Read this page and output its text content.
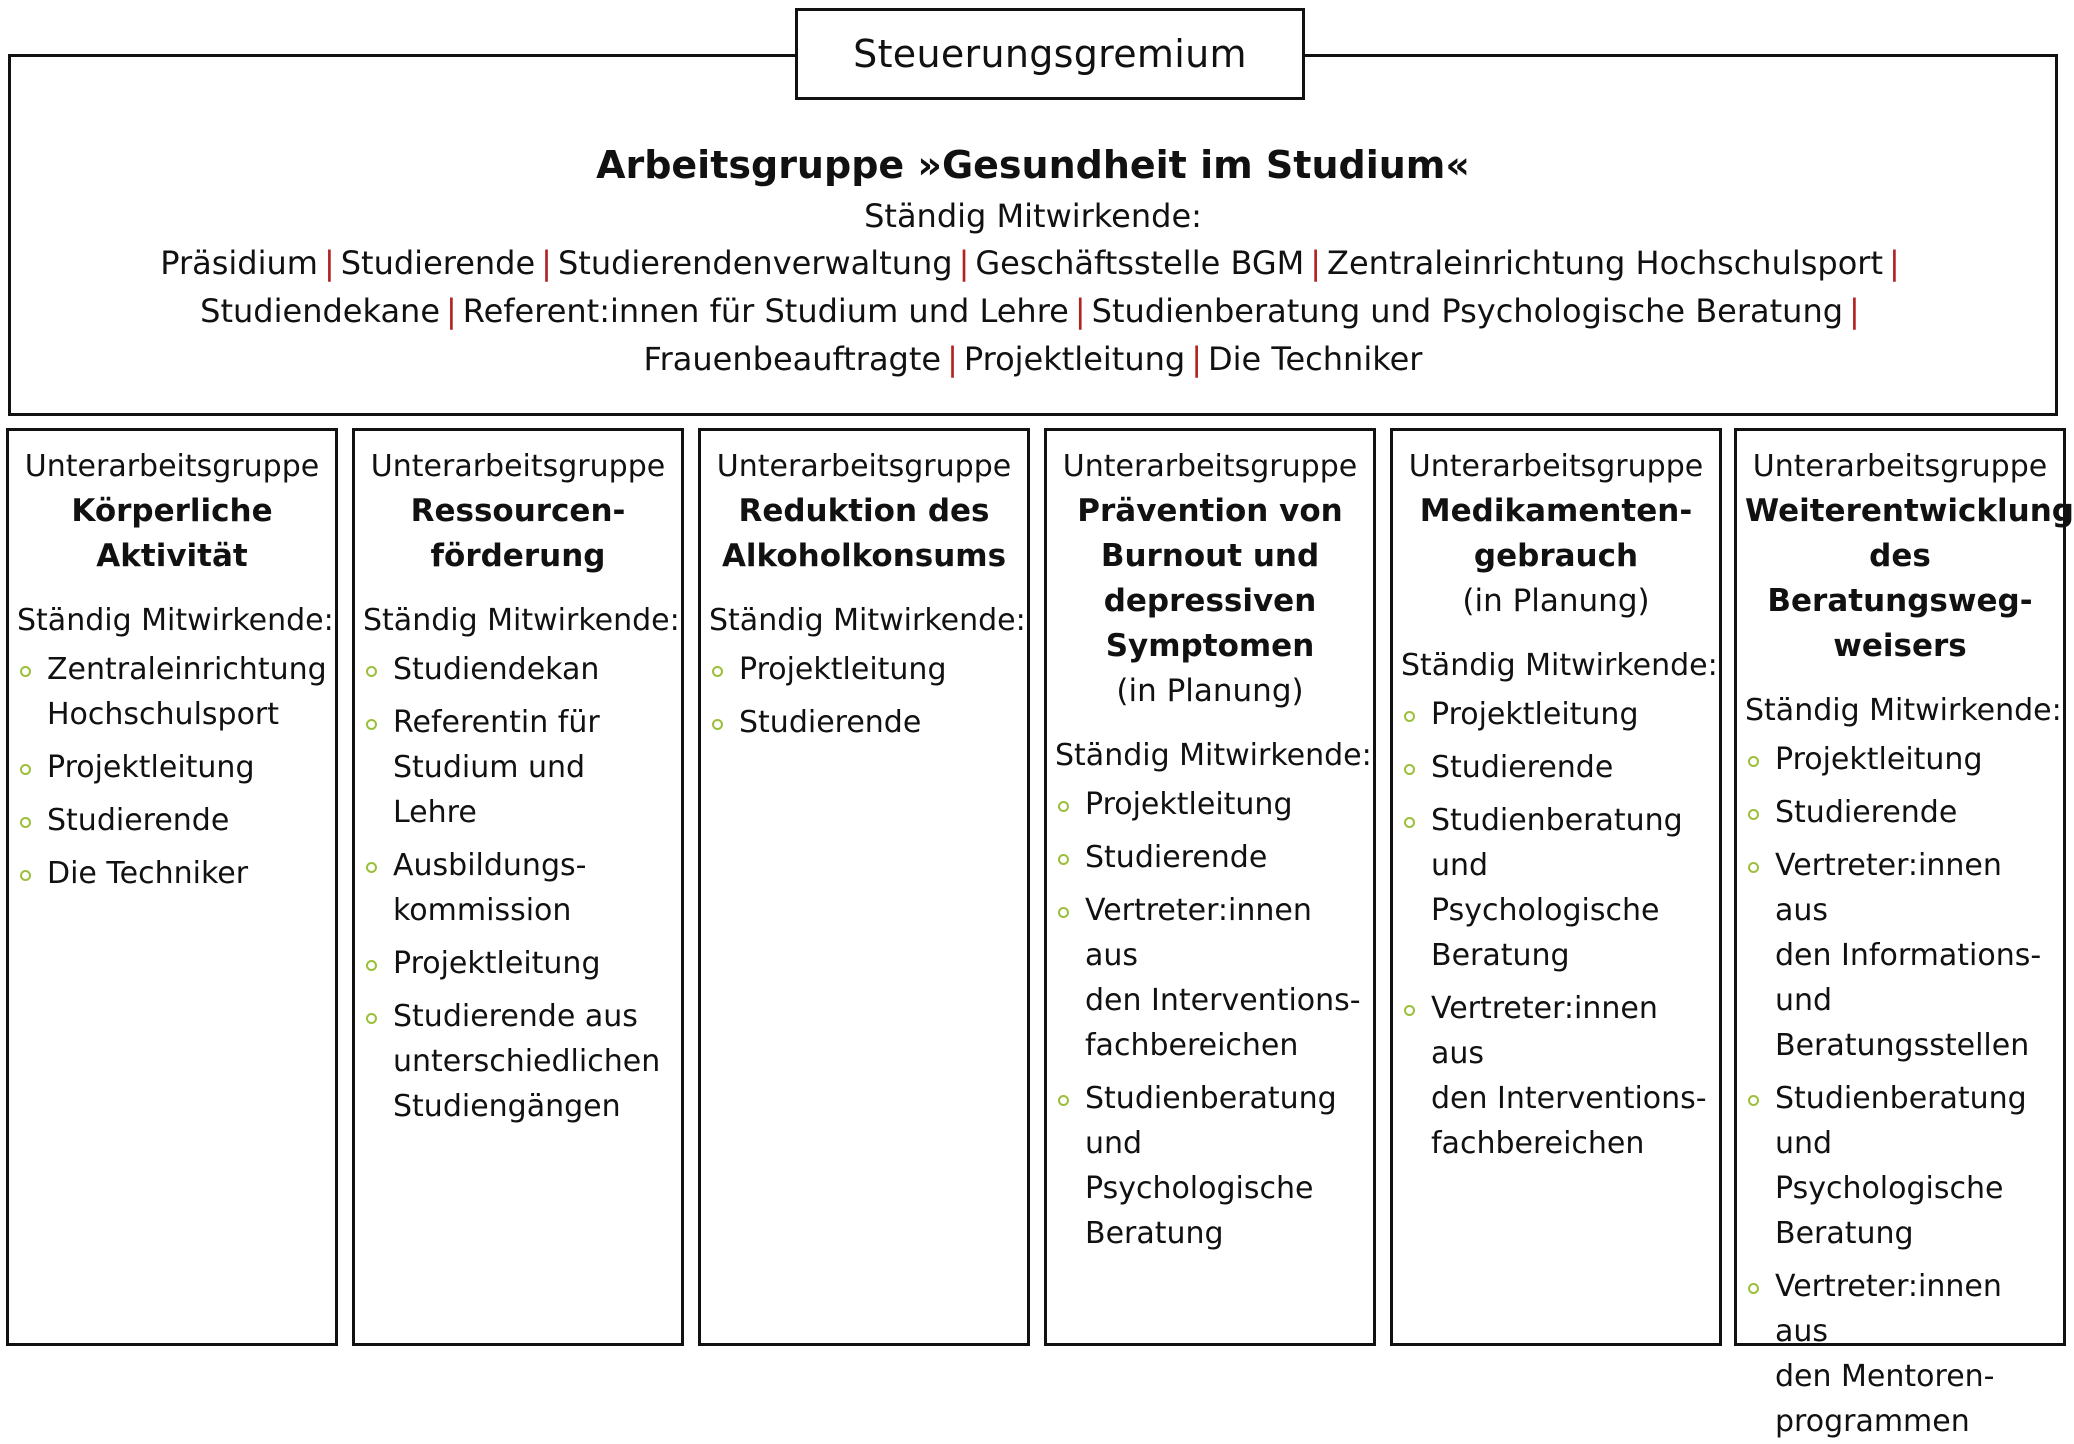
Arbeitsgruppe »Gesundheit im Studium«
Ständig Mitwirkende:
Präsidium | Studierende | Studierendenverwaltung | Geschäftsstelle BGM | Zentraleinrichtung Hochschulsport |
Studiendekane | Referent:innen für Studium und Lehre | Studienberatung und Psychologische Beratung |
Frauenbeauftragte | Projektleitung | Die Techniker
Steuerungsgremium
Unterarbeitsgruppe
Körperliche
Aktivität
Ständig Mitwirkende:
Zentraleinrichtung
Hochschulsport
Projektleitung
Studierende
Die Techniker
Unterarbeitsgruppe
Ressourcen-
förderung
Ständig Mitwirkende:
Studiendekan
Referentin für
Studium und Lehre
Ausbildungs-
kommission
Projektleitung
Studierende aus
unterschiedlichen
Studiengängen
Unterarbeitsgruppe
Reduktion des
Alkoholkonsums
Ständig Mitwirkende:
Projektleitung
Studierende
Unterarbeitsgruppe
Prävention von
Burnout und
depressiven
Symptomen
(in Planung)
Ständig Mitwirkende:
Projektleitung
Studierende
Vertreter:innen aus
den Interventions-
fachbereichen
Studienberatung
und
Psychologische
Beratung
Unterarbeitsgruppe
Medikamenten-
gebrauch
(in Planung)
Ständig Mitwirkende:
Projektleitung
Studierende
Studienberatung
und
Psychologische
Beratung
Vertreter:innen aus
den Interventions-
fachbereichen
Unterarbeitsgruppe
Weiterentwicklung
des Beratungsweg-
weisers
Ständig Mitwirkende:
Projektleitung
Studierende
Vertreter:innen aus
den Informations-
und
Beratungsstellen
Studienberatung
und
Psychologische
Beratung
Vertreter:innen aus
den Mentoren-
programmen
